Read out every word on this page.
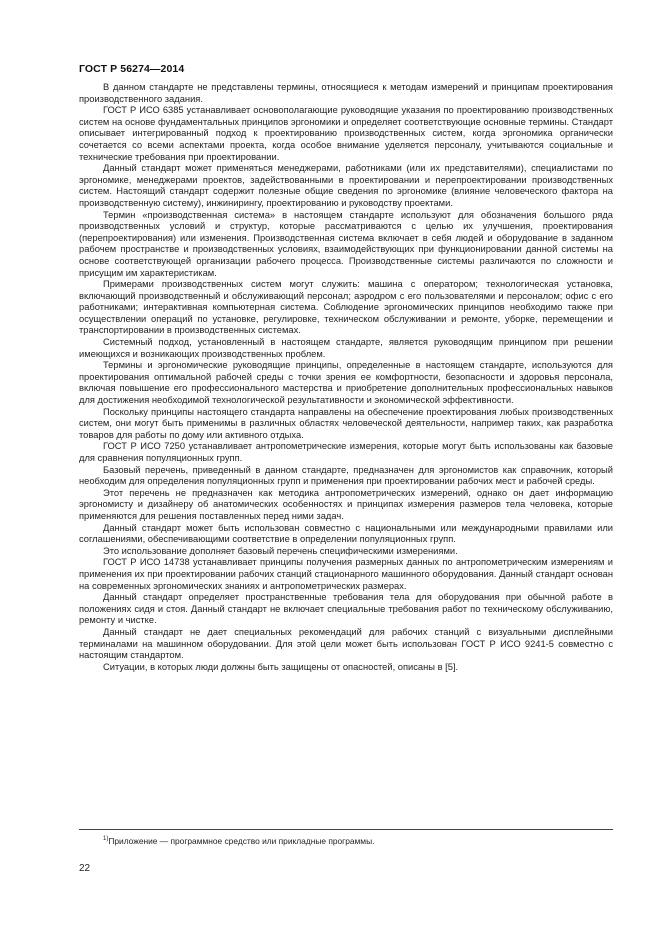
ГОСТ Р 56274—2014

В данном стандарте не представлены термины, относящиеся к методам измерений и принципам проектирования производственного задания.

ГОСТ Р ИСО 6385 устанавливает основополагающие руководящие указания по проектированию производственных систем на основе фундаментальных принципов эргономики и определяет соответствующие основные термины. Стандарт описывает интегрированный подход к проектированию производственных систем, когда эргономика органически сочетается со всеми аспектами проекта, когда особое внимание уделяется персоналу, учитываются социальные и технические требования при проектировании.

Данный стандарт может применяться менеджерами, работниками (или их представителями), специалистами по эргономике, менеджерами проектов, задействованными в проектировании и перепроектировании производственных систем. Настоящий стандарт содержит полезные общие сведения по эргономике (влияние человеческого фактора на производственную систему), инжинирингу, проектированию и руководству проектами.

Термин «производственная система» в настоящем стандарте используют для обозначения большого ряда производственных условий и структур, которые рассматриваются с целью их улучшения, проектирования (перепроектирования) или изменения. Производственная система включает в себя людей и оборудование в заданном рабочем пространстве и производственных условиях, взаимодействующих при функционировании данной системы на основе соответствующей организации рабочего процесса. Производственные системы различаются по сложности и присущим им характеристикам.

Примерами производственных систем могут служить: машина с оператором; технологическая установка, включающий производственный и обслуживающий персонал; аэродром с его пользователями и персоналом; офис с его работниками; интерактивная компьютерная система. Соблюдение эргономических принципов необходимо также при осуществлении операций по установке, регулировке, техническом обслуживании и ремонте, уборке, перемещении и транспортировании в производственных системах.

Системный подход, установленный в настоящем стандарте, является руководящим принципом при решении имеющихся и возникающих производственных проблем.

Термины и эргономические руководящие принципы, определенные в настоящем стандарте, используются для проектирования оптимальной рабочей среды с точки зрения ее комфортности, безопасности и здоровья персонала, включая повышение его профессионального мастерства и приобретение дополнительных профессиональных навыков для достижения необходимой технологической результативности и экономической эффективности.

Поскольку принципы настоящего стандарта направлены на обеспечение проектирования любых производственных систем, они могут быть применимы в различных областях человеческой деятельности, например таких, как разработка товаров для работы по дому или активного отдыха.

ГОСТ Р ИСО 7250 устанавливает антропометрические измерения, которые могут быть использованы как базовые для сравнения популяционных групп.

Базовый перечень, приведенный в данном стандарте, предназначен для эргономистов как справочник, который необходим для определения популяционных групп и применения при проектировании рабочих мест и рабочей среды.

Этот перечень не предназначен как методика антропометрических измерений, однако он дает информацию эргономисту и дизайнеру об анатомических особенностях и принципах измерения размеров тела человека, которые применяются для решения поставленных перед ними задач.

Данный стандарт может быть использован совместно с национальными или международными правилами или соглашениями, обеспечивающими соответствие в определении популяционных групп.

Это использование дополняет базовый перечень специфическими измерениями.

ГОСТ Р ИСО 14738 устанавливает принципы получения размерных данных по антропометрическим измерениям и применения их при проектировании рабочих станций стационарного машинного оборудования. Данный стандарт основан на современных эргономических знаниях и антропометрических размерах.

Данный стандарт определяет пространственные требования тела для оборудования при обычной работе в положениях сидя и стоя. Данный стандарт не включает специальные требования работ по техническому обслуживанию, ремонту и чистке.

Данный стандарт не дает специальных рекомендаций для рабочих станций с визуальными дисплейными терминалами на машинном оборудовании. Для этой цели может быть использован ГОСТ Р ИСО 9241-5 совместно с настоящим стандартом.

Ситуации, в которых люди должны быть защищены от опасностей, описаны в [5].

$^{1)}$Приложение — программное средство или прикладные программы.
22
